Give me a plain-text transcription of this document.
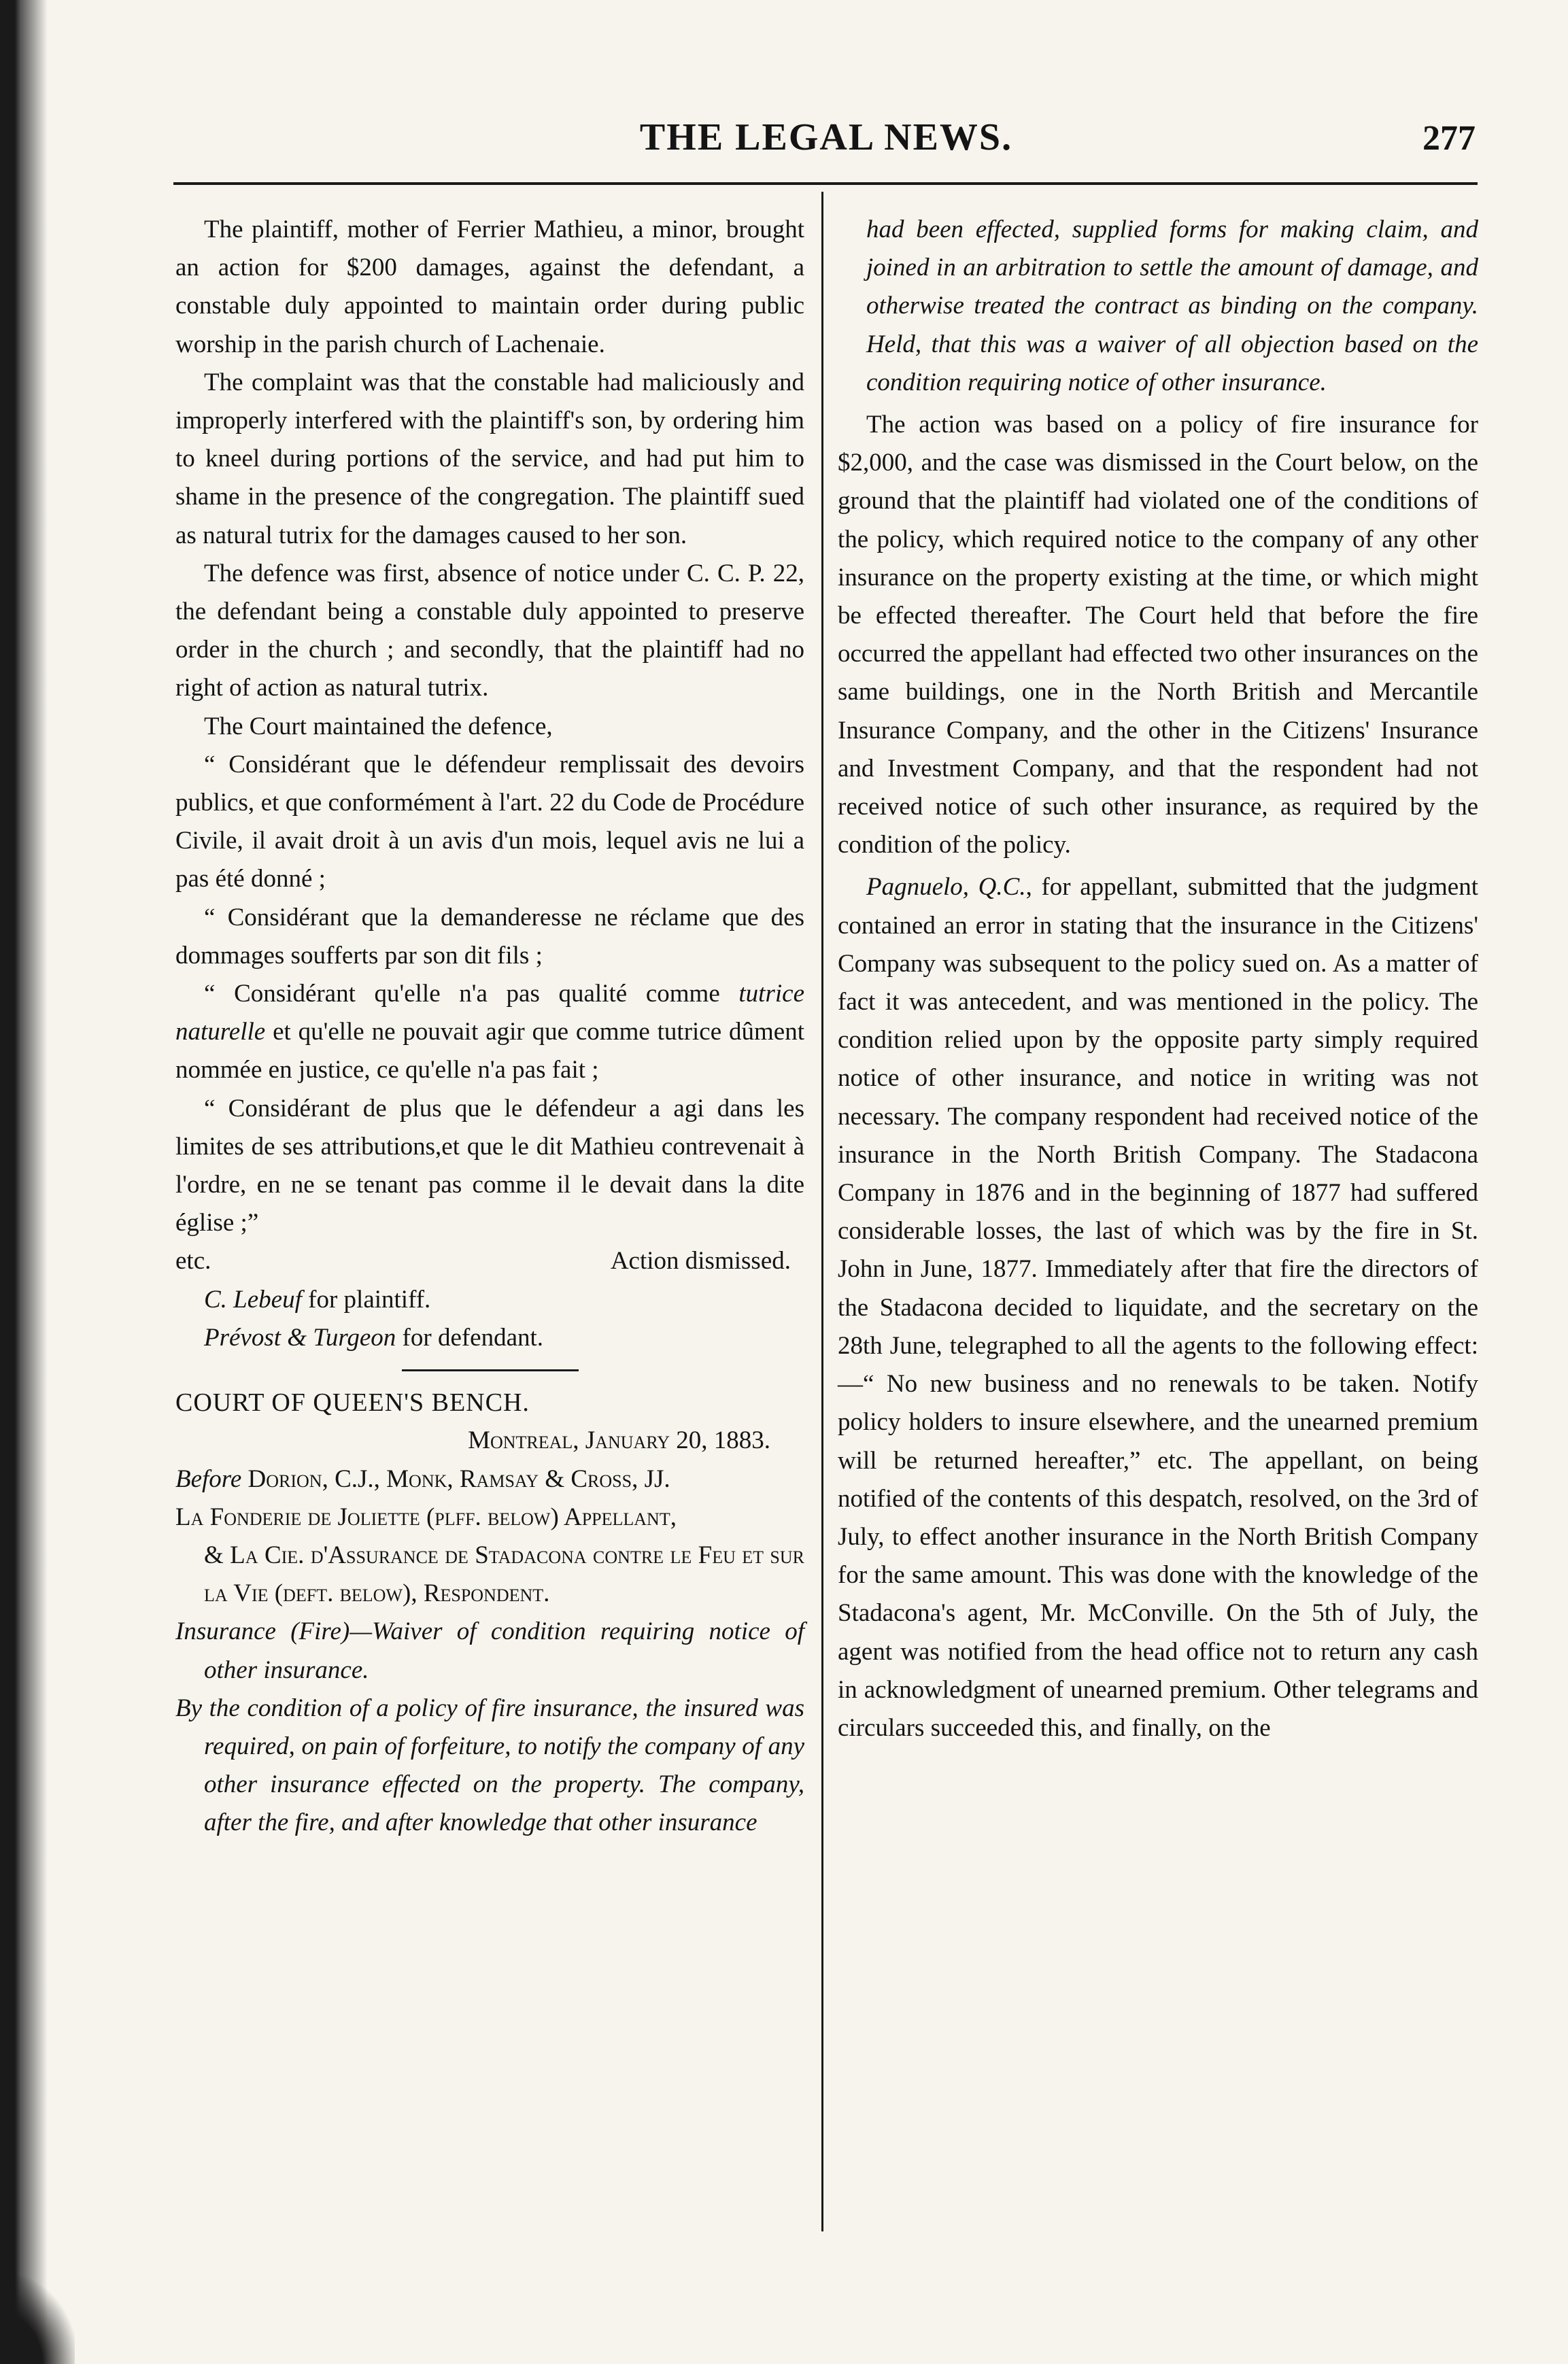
THE LEGAL NEWS.	277

The plaintiff, mother of Ferrier Mathieu, a minor, brought an action for $200 damages, against the defendant, a constable duly appointed to maintain order during public worship in the parish church of Lachenaie.

The complaint was that the constable had maliciously and improperly interfered with the plaintiff's son, by ordering him to kneel during portions of the service, and had put him to shame in the presence of the congregation. The plaintiff sued as natural tutrix for the damages caused to her son.

The defence was first, absence of notice under C. C. P. 22, the defendant being a constable duly appointed to preserve order in the church ; and secondly, that the plaintiff had no right of action as natural tutrix.

The Court maintained the defence,

“ Considérant que le défendeur remplissait des devoirs publics, et que conformément à l'art. 22 du Code de Procédure Civile, il avait droit à un avis d'un mois, lequel avis ne lui a pas été donné ;

“ Considérant que la demanderesse ne réclame que des dommages soufferts par son dit fils ;

“ Considérant qu'elle n'a pas qualité comme tutrice naturelle et qu'elle ne pouvait agir que comme tutrice dûment nommée en justice, ce qu'elle n'a pas fait ;

“ Considérant de plus que le défendeur a agi dans les limites de ses attributions,et que le dit Mathieu contrevenait à l'ordre, en ne se tenant pas comme il le devait dans la dite église ;”

etc.	Action dismissed.

C. Lebeuf for plaintiff.

Prévost & Turgeon for defendant.

COURT OF QUEEN'S BENCH.

Montreal, January 20, 1883.

Before Dorion, C.J., Monk, Ramsay & Cross, JJ.

La Fonderie de Joliette (plff. below) Appellant,

& La Cie. d'Assurance de Stadacona contre le Feu et sur la Vie (deft. below), Respondent.

Insurance (Fire)—Waiver of condition requiring notice of other insurance.

By the condition of a policy of fire insurance, the insured was required, on pain of forfeiture, to notify the company of any other insurance effected on the property. The company, after the fire, and after knowledge that other insurance

had been effected, supplied forms for making claim, and joined in an arbitration to settle the amount of damage, and otherwise treated the contract as binding on the company. Held, that this was a waiver of all objection based on the condition requiring notice of other insurance.

The action was based on a policy of fire insurance for $2,000, and the case was dismissed in the Court below, on the ground that the plaintiff had violated one of the conditions of the policy, which required notice to the company of any other insurance on the property existing at the time, or which might be effected thereafter. The Court held that before the fire occurred the appellant had effected two other insurances on the same buildings, one in the North British and Mercantile Insurance Company, and the other in the Citizens' Insurance and Investment Company, and that the respondent had not received notice of such other insurance, as required by the condition of the policy.

Pagnuelo, Q.C., for appellant, submitted that the judgment contained an error in stating that the insurance in the Citizens' Company was subsequent to the policy sued on. As a matter of fact it was antecedent, and was mentioned in the policy. The condition relied upon by the opposite party simply required notice of other insurance, and notice in writing was not necessary. The company respondent had received notice of the insurance in the North British Company. The Stadacona Company in 1876 and in the beginning of 1877 had suffered considerable losses, the last of which was by the fire in St. John in June, 1877. Immediately after that fire the directors of the Stadacona decided to liquidate, and the secretary on the 28th June, telegraphed to all the agents to the following effect:—“ No new business and no renewals to be taken. Notify policy holders to insure elsewhere, and the unearned premium will be returned hereafter,” etc. The appellant, on being notified of the contents of this despatch, resolved, on the 3rd of July, to effect another insurance in the North British Company for the same amount. This was done with the knowledge of the Stadacona's agent, Mr. McConville. On the 5th of July, the agent was notified from the head office not to return any cash in acknowledgment of unearned premium. Other telegrams and circulars succeeded this, and finally, on the
